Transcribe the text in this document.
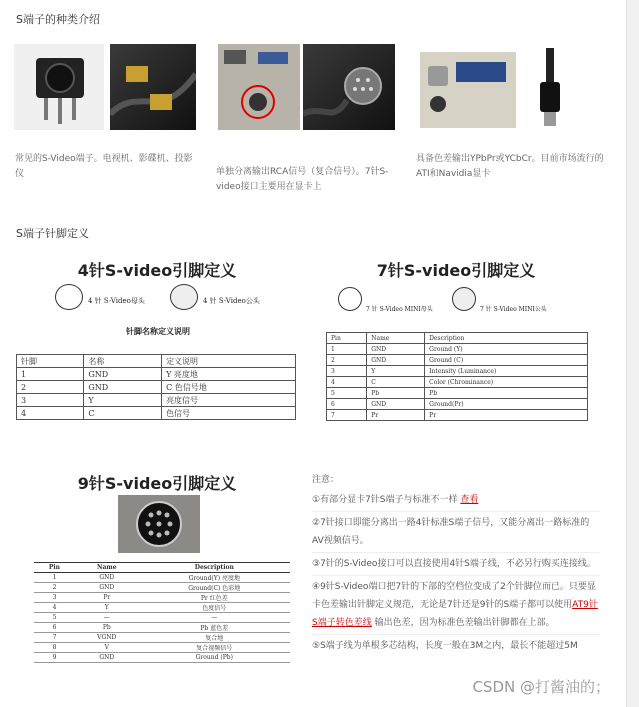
S端子的种类介绍
常见的S-Video端子。电视机、影碟机、投影仪	单独分离输出RCA信号（复合信号）。7针S-video接口主要用在显卡上
具备色差输出YPbPr或YCbCr。目前市场流行的ATI和Navidia显卡
S端子针脚定义
4针S-video引脚定义
4 针 S-Video母头	4 针 S-Video公头
针脚名称定义说明
针脚	名称	定义说明
1	GND	Y 亮度地
2	GND	C 色信号地
3	Y	亮度信号
4	C	色信号
7针S-video引脚定义
7 针 S-Video MINI母头	7 针 S-Video MINI公头
Pin	Name	Description
1	GND	Ground (Y)
2	GND	Ground (C)
3	Y	Intensity (Luminance)
4	C	Color (Chrominance)
5	Pb	Pb
6	GND	Ground(Pr)
7	Pr	Pr
9针S-video引脚定义
Pin	Name	Description
1	GND	Ground(Y) 亮度地
2	GND	Ground(C) 色彩地
3	Pr	Pr 红色差
4	Y	色度信号
5	—	—
6	Pb	Pb 蓝色差
7	VGND	复合地
8	V	复合视频信号
9	GND	Ground (Pb)
注意：
①有部分显卡7针S端子与标准不一样 查看
②7针接口即能分离出一路4针标准S端子信号，又能分离出一路标准的AV视频信号。
③7针的S-Video接口可以直接使用4针S端子线，不必另行购买连接线。
④9针S-Video端口把7针的下部的空档位变成了2个针脚位而已。只要显卡色差输出针脚定义规范，无论是7针还是9针的S端子都可以使用AT9针S端子转色差线 输出色差，因为标准色差输出针脚都在上部。
⑤S端子线为单根多芯结构，长度一般在3M之内，最长不能超过5M
CSDN @打酱油的；
